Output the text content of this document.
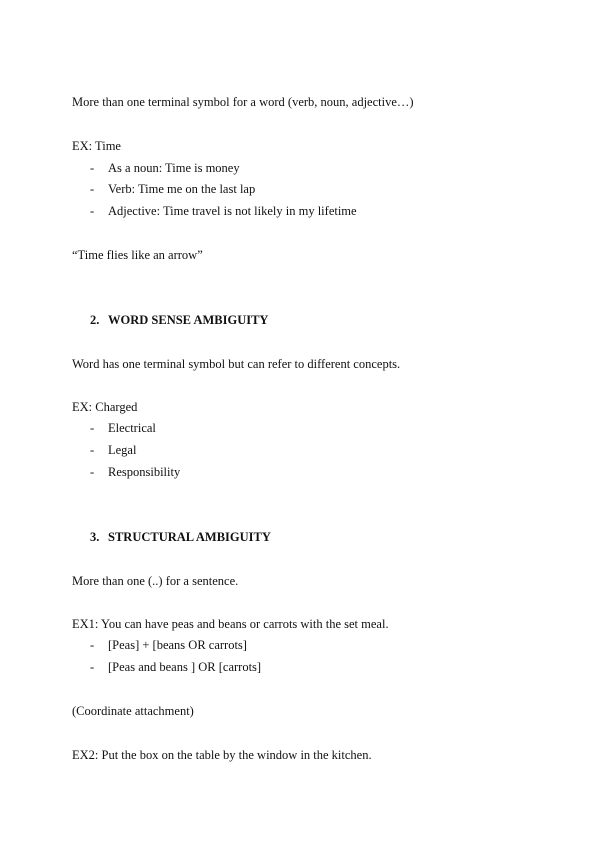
More than one terminal symbol for a word (verb, noun, adjective…)
EX: Time
- As a noun: Time is money
- Verb: Time me on the last lap
- Adjective: Time travel is not likely in my lifetime
“Time flies like an arrow”
2. WORD SENSE AMBIGUITY
Word has one terminal symbol but can refer to different concepts.
EX: Charged
- Electrical
- Legal
- Responsibility
3. STRUCTURAL AMBIGUITY
More than one (..) for a sentence.
EX1: You can have peas and beans or carrots with the set meal.
- [Peas] + [beans OR carrots]
- [Peas and beans ] OR [carrots]
(Coordinate attachment)
EX2: Put the box on the table by the window in the kitchen.
